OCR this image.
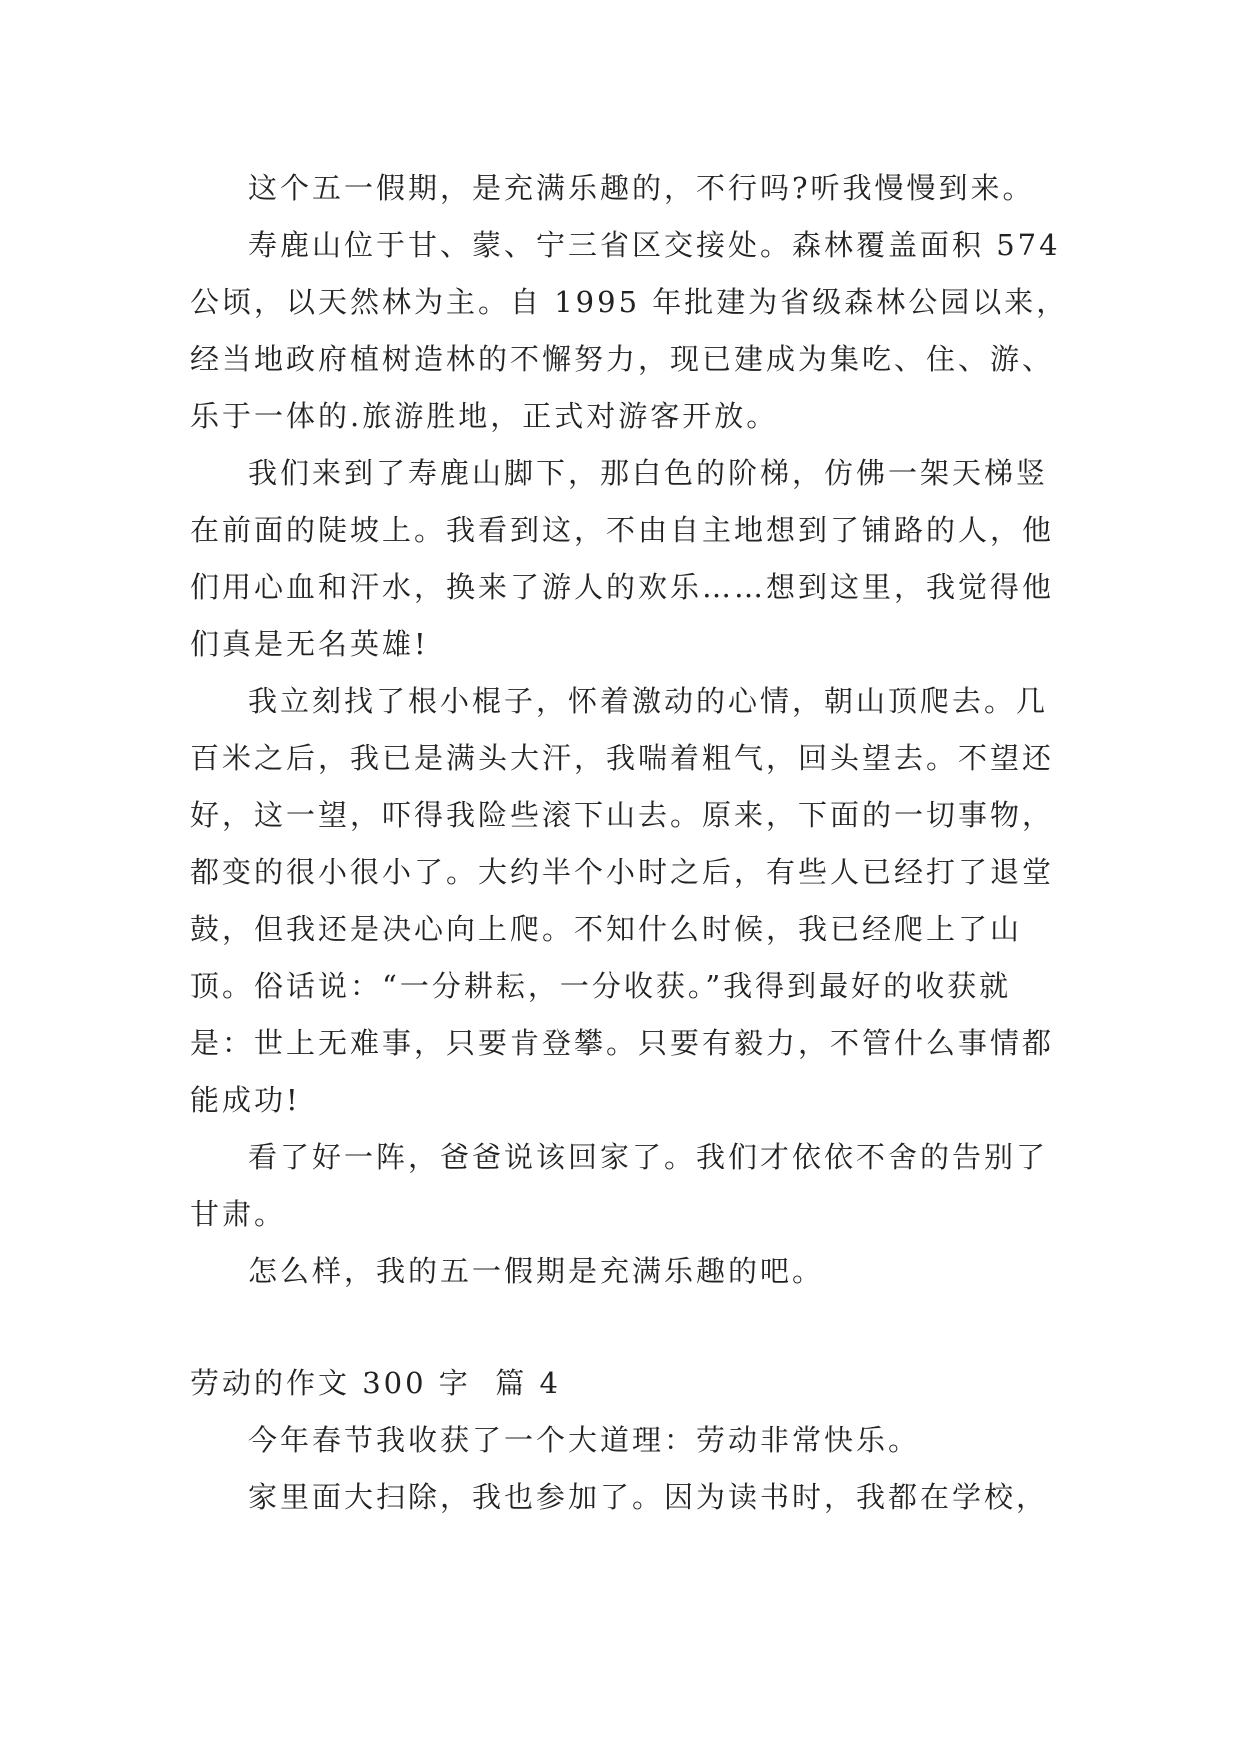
这个五一假期，是充满乐趣的，不行吗?听我慢慢到来。

寿鹿山位于甘、蒙、宁三省区交接处。森林覆盖面积 574 公顷，以天然林为主。自 1995 年批建为省级森林公园以来，经当地政府植树造林的不懈努力，现已建成为集吃、住、游、乐于一体的.旅游胜地，正式对游客开放。

我们来到了寿鹿山脚下，那白色的阶梯，仿佛一架天梯竖在前面的陡坡上。我看到这，不由自主地想到了铺路的人，他们用心血和汗水，换来了游人的欢乐……想到这里，我觉得他们真是无名英雄!

我立刻找了根小棍子，怀着激动的心情，朝山顶爬去。几百米之后，我已是满头大汗，我喘着粗气，回头望去。不望还好，这一望，吓得我险些滚下山去。原来，下面的一切事物，都变的很小很小了。大约半个小时之后，有些人已经打了退堂鼓，但我还是决心向上爬。不知什么时候，我已经爬上了山顶。俗话说：“一分耕耘，一分收获。”我得到最好的收获就是：世上无难事，只要肯登攀。只要有毅力，不管什么事情都能成功!

看了好一阵，爸爸说该回家了。我们才依依不舍的告别了甘肃。

怎么样，我的五一假期是充满乐趣的吧。

劳动的作文 300 字  篇 4

今年春节我收获了一个大道理：劳动非常快乐。

家里面大扫除，我也参加了。因为读书时，我都在学校，
